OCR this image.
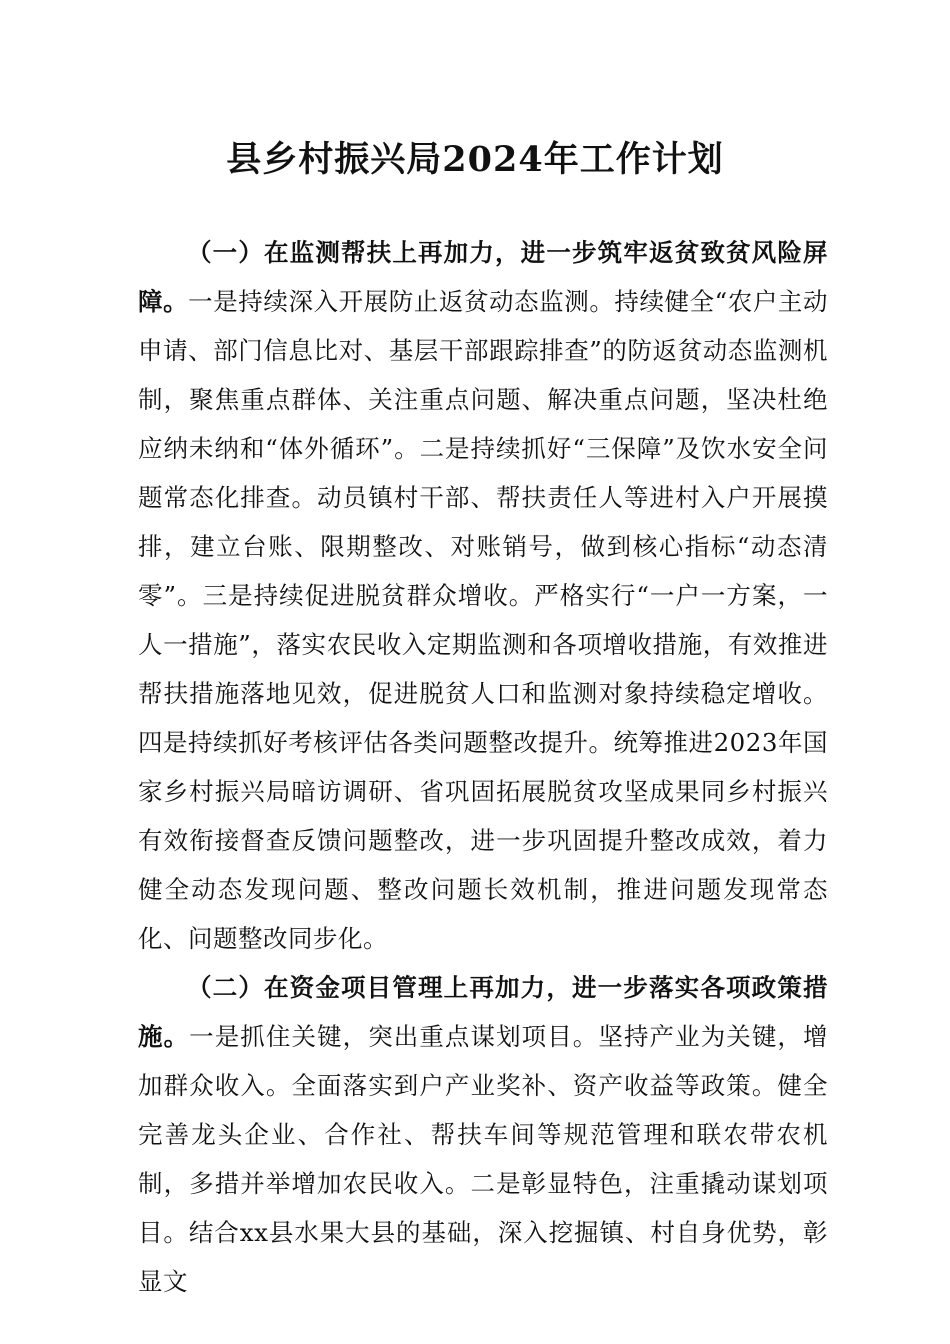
县乡村振兴局2024年工作计划

（一）在监测帮扶上再加力，进一步筑牢返贫致贫风险屏障。一是持续深入开展防止返贫动态监测。持续健全“农户主动申请、部门信息比对、基层干部跟踪排查”的防返贫动态监测机制，聚焦重点群体、关注重点问题、解决重点问题，坚决杜绝应纳未纳和“体外循环”。二是持续抓好“三保障”及饮水安全问题常态化排查。动员镇村干部、帮扶责任人等进村入户开展摸排，建立台账、限期整改、对账销号，做到核心指标“动态清零”。三是持续促进脱贫群众增收。严格实行“一户一方案，一人一措施”，落实农民收入定期监测和各项增收措施，有效推进帮扶措施落地见效，促进脱贫人口和监测对象持续稳定增收。四是持续抓好考核评估各类问题整改提升。统筹推进2023年国家乡村振兴局暗访调研、省巩固拓展脱贫攻坚成果同乡村振兴有效衔接督查反馈问题整改，进一步巩固提升整改成效，着力健全动态发现问题、整改问题长效机制，推进问题发现常态化、问题整改同步化。

（二）在资金项目管理上再加力，进一步落实各项政策措施。一是抓住关键，突出重点谋划项目。坚持产业为关键，增加群众收入。全面落实到户产业奖补、资产收益等政策。健全完善龙头企业、合作社、帮扶车间等规范管理和联农带农机制，多措并举增加农民收入。二是彰显特色，注重撬动谋划项目。结合xx县水果大县的基础，深入挖掘镇、村自身优势，彰显文
